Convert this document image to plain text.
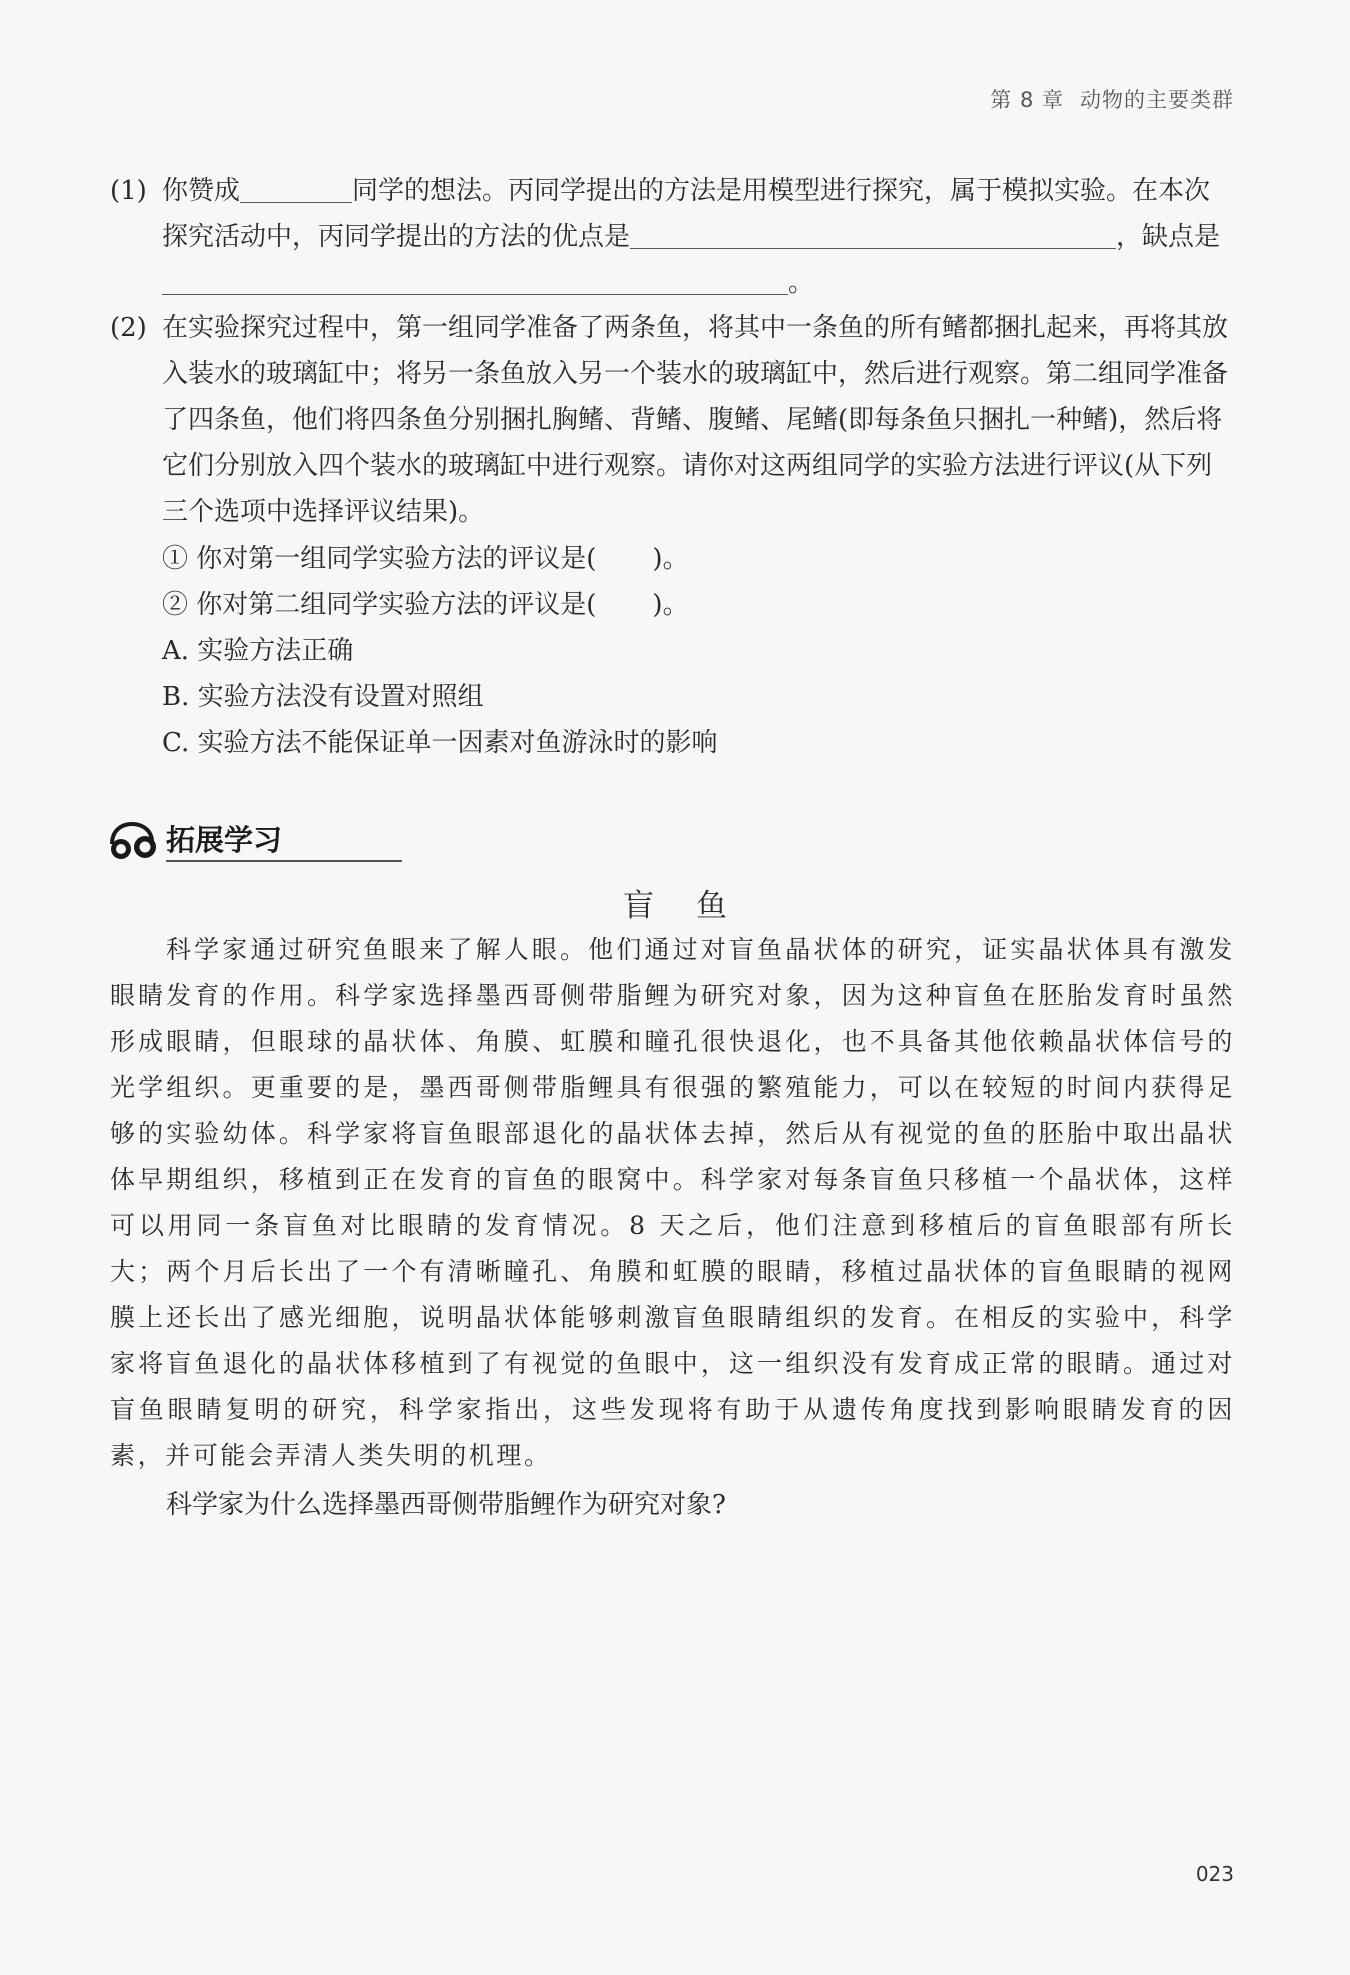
第 8 章 动物的主要类群
(1) 你赞成	同学的想法。丙同学提出的方法是用模型进行探究，属于模拟实验。在本次探究活动中，丙同学提出的方法的优点是	，缺点是。
(2) 在实验探究过程中，第一组同学准备了两条鱼，将其中一条鱼的所有鳍都捆扎起来，再将其放入装水的玻璃缸中；将另一条鱼放入另一个装水的玻璃缸中，然后进行观察。第二组同学准备了四条鱼，他们将四条鱼分别捆扎胸鳍、背鳍、腹鳍、尾鳍(即每条鱼只捆扎一种鳍)，然后将它们分别放入四个装水的玻璃缸中进行观察。请你对这两组同学的实验方法进行评议(从下列三个选项中选择评议结果)。
① 你对第一组同学实验方法的评议是( )。
② 你对第二组同学实验方法的评议是( )。
A. 实验方法正确
B. 实验方法没有设置对照组
C. 实验方法不能保证单一因素对鱼游泳时的影响
拓展学习
盲鱼
科学家通过研究鱼眼来了解人眼。他们通过对盲鱼晶状体的研究，证实晶状体具有激发眼睛发育的作用。科学家选择墨西哥侧带脂鲤为研究对象，因为这种盲鱼在胚胎发育时虽然形成眼睛，但眼球的晶状体、角膜、虹膜和瞳孔很快退化，也不具备其他依赖晶状体信号的光学组织。更重要的是，墨西哥侧带脂鲤具有很强的繁殖能力，可以在较短的时间内获得足够的实验幼体。科学家将盲鱼眼部退化的晶状体去掉，然后从有视觉的鱼的胚胎中取出晶状体早期组织，移植到正在发育的盲鱼的眼窝中。科学家对每条盲鱼只移植一个晶状体，这样可以用同一条盲鱼对比眼睛的发育情况。8 天之后，他们注意到移植后的盲鱼眼部有所长大；两个月后长出了一个有清晰瞳孔、角膜和虹膜的眼睛，移植过晶状体的盲鱼眼睛的视网膜上还长出了感光细胞，说明晶状体能够刺激盲鱼眼睛组织的发育。在相反的实验中，科学家将盲鱼退化的晶状体移植到了有视觉的鱼眼中，这一组织没有发育成正常的眼睛。通过对盲鱼眼睛复明的研究，科学家指出，这些发现将有助于从遗传角度找到影响眼睛发育的因素，并可能会弄清人类失明的机理。
科学家为什么选择墨西哥侧带脂鲤作为研究对象?
023
